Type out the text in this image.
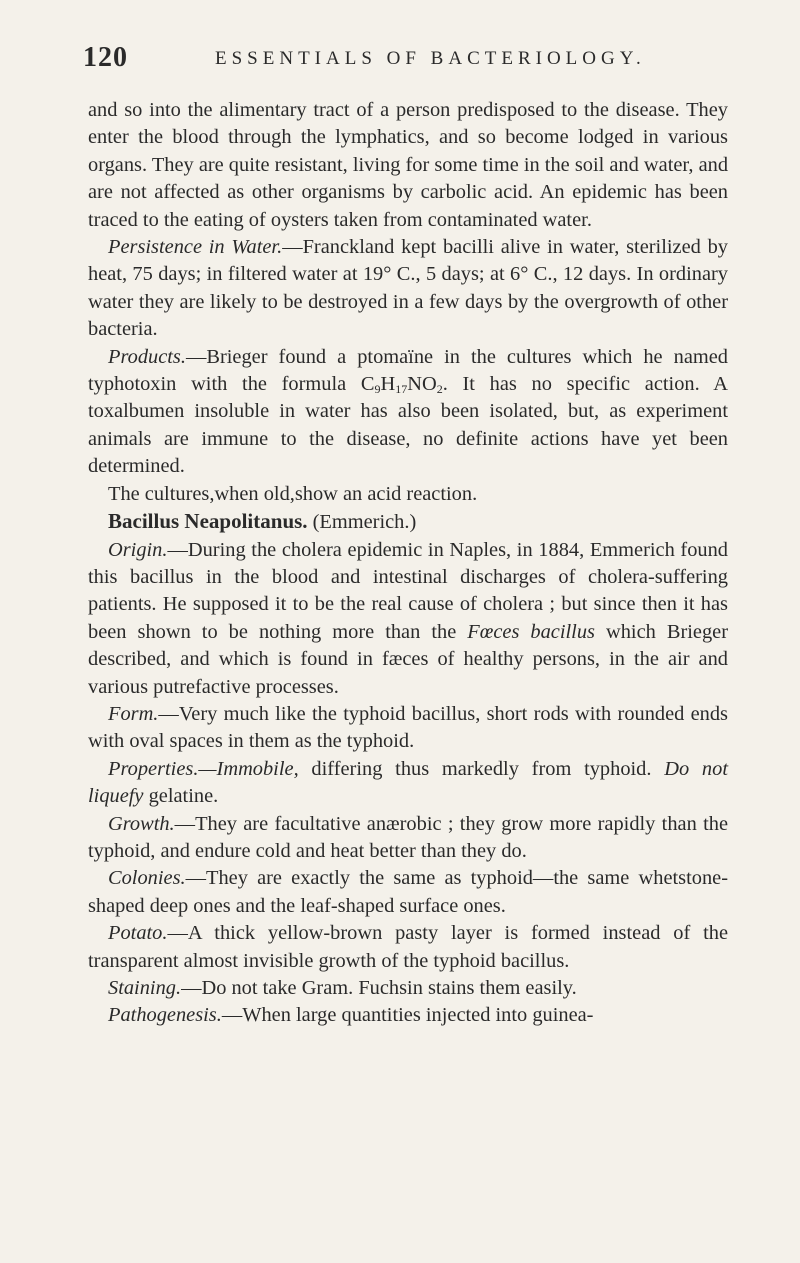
120	ESSENTIALS OF BACTERIOLOGY.

and so into the alimentary tract of a person predisposed to the disease. They enter the blood through the lymphatics, and so become lodged in various organs. They are quite resistant, living for some time in the soil and water, and are not affected as other organisms by carbolic acid. An epidemic has been traced to the eating of oysters taken from contaminated water.

Persistence in Water.—Franckland kept bacilli alive in water, sterilized by heat, 75 days; in filtered water at 19° C., 5 days; at 6° C., 12 days. In ordinary water they are likely to be destroyed in a few days by the overgrowth of other bacteria.

Products.—Brieger found a ptomaïne in the cultures which he named typhotoxin with the formula $C_9H_{17}NO_2$. It has no specific action. A toxalbumen insoluble in water has also been isolated, but, as experiment animals are immune to the disease, no definite actions have yet been determined.

The cultures,when old,show an acid reaction.

Bacillus Neapolitanus. (Emmerich.)

Origin.—During the cholera epidemic in Naples, in 1884, Emmerich found this bacillus in the blood and intestinal discharges of cholera-suffering patients. He supposed it to be the real cause of cholera ; but since then it has been shown to be nothing more than the Fœces bacillus which Brieger described, and which is found in fæces of healthy persons, in the air and various putrefactive processes.

Form.—Very much like the typhoid bacillus, short rods with rounded ends with oval spaces in them as the typhoid.

Properties.—Immobile, differing thus markedly from typhoid. Do not liquefy gelatine.

Growth.—They are facultative anærobic ; they grow more rapidly than the typhoid, and endure cold and heat better than they do.

Colonies.—They are exactly the same as typhoid—the same whetstone-shaped deep ones and the leaf-shaped surface ones.

Potato.—A thick yellow-brown pasty layer is formed instead of the transparent almost invisible growth of the typhoid bacillus.

Staining.—Do not take Gram. Fuchsin stains them easily.

Pathogenesis.—When large quantities injected into guinea-
